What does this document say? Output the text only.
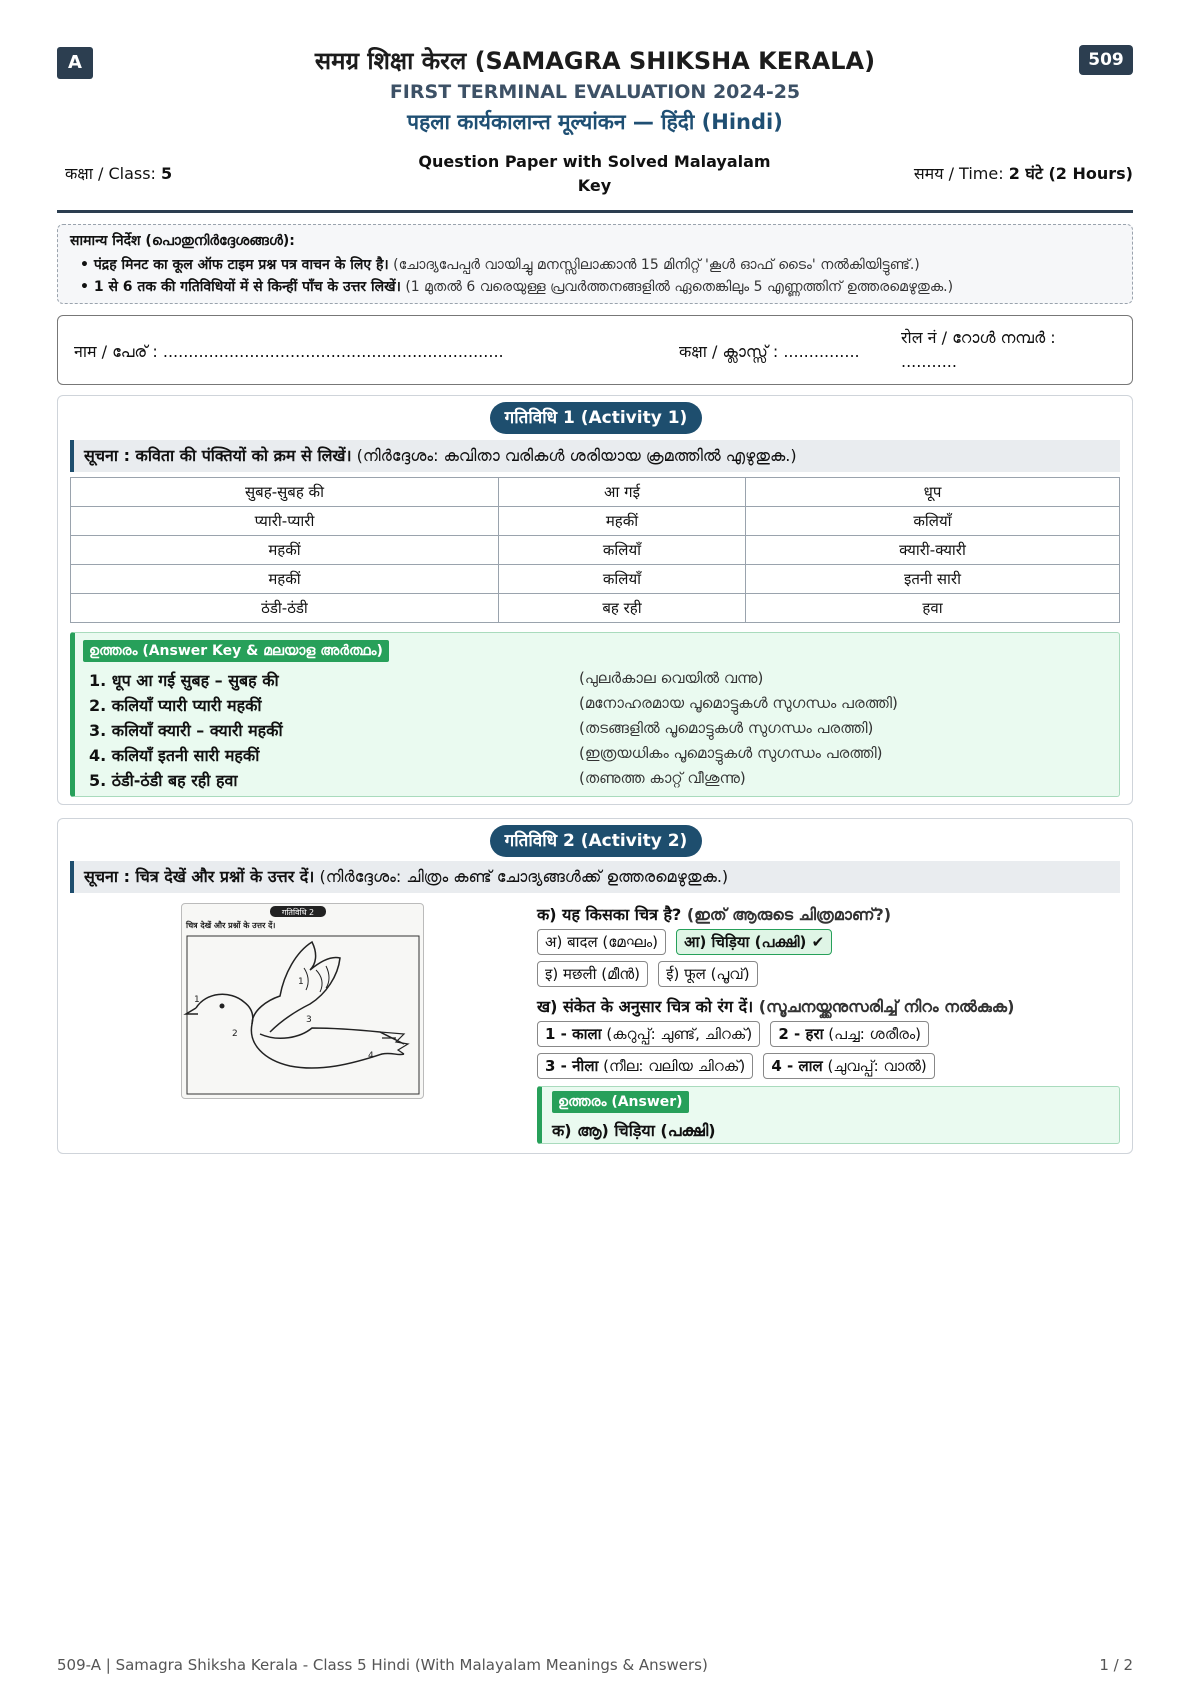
A	509
समग्र शिक्षा केरल (SAMAGRA SHIKSHA KERALA)
FIRST TERMINAL EVALUATION 2024-25
पहला कार्यकालान्त मूल्यांकन — हिंदी (Hindi)
कक्षा / Class: 5
Question Paper with Solved Malayalam Key
समय / Time: 2 घंटे (2 Hours)
सामान्य निर्देश (പൊതുനിർദ്ദേശങ്ങൾ):
• पंद्रह मिनट का कूल ऑफ टाइम प्रश्न पत्र वाचन के लिए है। (ചോദ്യപേപ്പർ വായിച്ചു മനസ്സിലാക്കാൻ 15 മിനിറ്റ് 'കൂൾ ഓഫ് ടൈം' നൽകിയിട്ടുണ്ട്.)
• 1 से 6 तक की गतिविधियों में से किन्हीं पाँच के उत्तर लिखें। (1 മുതൽ 6 വരെയുള്ള പ്രവർത്തനങ്ങളിൽ ഏതെങ്കിലും 5 എണ്ണത്തിന് ഉത്തരമെഴുതുക.)
नाम / പേര് : ...................................................................	कक्षा / ക്ലാസ്സ് : ...............
रोल नं / റോൾ നമ്പർ : ...........
गतिविधि 1 (Activity 1)
सूचना : कविता की पंक्तियों को क्रम से लिखें। (നിർദ്ദേശം: കവിതാ വരികൾ ശരിയായ ക്രമത്തിൽ എഴുതുക.)
सुबह-सुबह की	आ गई	धूप
प्यारी-प्यारी	महकीं	कलियाँ
महकीं	कलियाँ	क्यारी-क्यारी
महकीं	कलियाँ	इतनी सारी
ठंडी-ठंडी	बह रही	हवा
ഉത്തരം (Answer Key & മലയാള അർത്ഥം)
1. धूप आ गई सुबह – सुबह की	(പുലർകാല വെയിൽ വന്നു)
2. कलियाँ प्यारी प्यारी महकीं	(മനോഹരമായ പൂമൊട്ടുകൾ സുഗന്ധം പരത്തി)
3. कलियाँ क्यारी – क्यारी महकीं	(തടങ്ങളിൽ പൂമൊട്ടുകൾ സുഗന്ധം പരത്തി)
4. कलियाँ इतनी सारी महकीं	(ഇത്രയധികം പൂമൊട്ടുകൾ സുഗന്ധം പരത്തി)
5. ठंडी-ठंडी बह रही हवा	(തണുത്ത കാറ്റ് വീശുന്നു)
गतिविधि 2 (Activity 2)
सूचना : चित्र देखें और प्रश्नों के उत्तर दें। (നിർദ്ദേശം: ചിത്രം കണ്ട് ചോദ്യങ്ങൾക്ക് ഉത്തരമെഴുതുക.)
गतिविधि 2
चित्र देखें और प्रश्नों के उत्तर दें।
1
1
2
3
4
क) यह किसका चित्र है? (ഇത് ആരുടെ ചിത്രമാണ്?)
अ) बादल (മേഘം) आ) चिड़िया (പക്ഷി) ✔
इ) मछली (മീൻ) ई) फूल (പൂവ്)
ख) संकेत के अनुसार चित्र को रंग दें। (സൂചനയ്ക്കനുസരിച്ച് നിറം നൽകുക)
1 - काला (കറുപ്പ്: ചുണ്ട്, ചിറക്) 2 - हरा (പച്ച: ശരീരം)
3 - नीला (നീല: വലിയ ചിറക്) 4 - लाल (ചുവപ്പ്: വാൽ)
ഉത്തരം (Answer)
क) ആ) चिड़िया (പക്ഷി)
509-A | Samagra Shiksha Kerala - Class 5 Hindi (With Malayalam Meanings & Answers)	1 / 2
